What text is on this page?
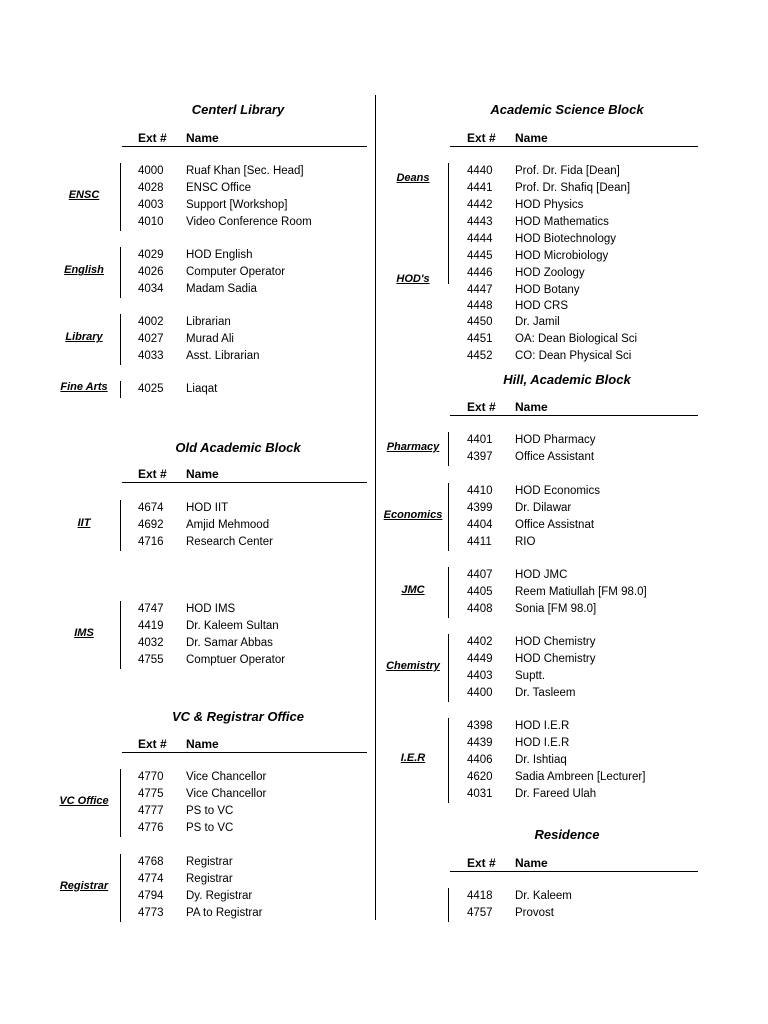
Centerl Library
Ext # Name
ENSC
4000 Ruaf Khan [Sec. Head]
4028 ENSC Office
4003 Support [Workshop]
4010 Video Conference Room
English
4029 HOD English
4026 Computer Operator
4034 Madam Sadia
Library
4002 Librarian
4027 Murad Ali
4033 Asst. Librarian
Fine Arts	4025 Liaqat
Old Academic Block
Ext # Name
IIT
4674 HOD IIT
4692 Amjid Mehmood
4716 Research Center
IMS
4747 HOD IMS
4419 Dr. Kaleem Sultan
4032 Dr. Samar Abbas
4755 Comptuer Operator
VC & Registrar Office
Ext # Name
VC Office
4770 Vice Chancellor
4775 Vice Chancellor
4777 PS to VC
4776 PS to VC
Registrar
4768 Registrar
4774 Registrar
4794 Dy. Registrar
4773 PA to Registrar
Academic Science Block
Ext # Name
Deans
4440 Prof. Dr. Fida [Dean]
4441 Prof. Dr. Shafiq [Dean]
HOD's
4442 HOD Physics
4443 HOD Mathematics
4444 HOD Biotechnology
4445 HOD Microbiology
4446 HOD Zoology
4447 HOD Botany
4448 HOD CRS
4450 Dr. Jamil
4451 OA: Dean Biological Sci
4452 CO: Dean Physical Sci
Hill, Academic Block
Ext # Name
Pharmacy
4401 HOD Pharmacy
4397 Office Assistant
Economics
4410 HOD Economics
4399 Dr. Dilawar
4404 Office Assistnat
4411 RIO
JMC
4407 HOD JMC
4405 Reem Matiullah [FM 98.0]
4408 Sonia [FM 98.0]
Chemistry
4402 HOD Chemistry
4449 HOD Chemistry
4403 Suptt.
4400 Dr. Tasleem
I.E.R
4398 HOD I.E.R
4439 HOD I.E.R
4406 Dr. Ishtiaq
4620 Sadia Ambreen [Lecturer]
4031 Dr. Fareed Ulah
Residence
Ext # Name
4418 Dr. Kaleem
4757 Provost
